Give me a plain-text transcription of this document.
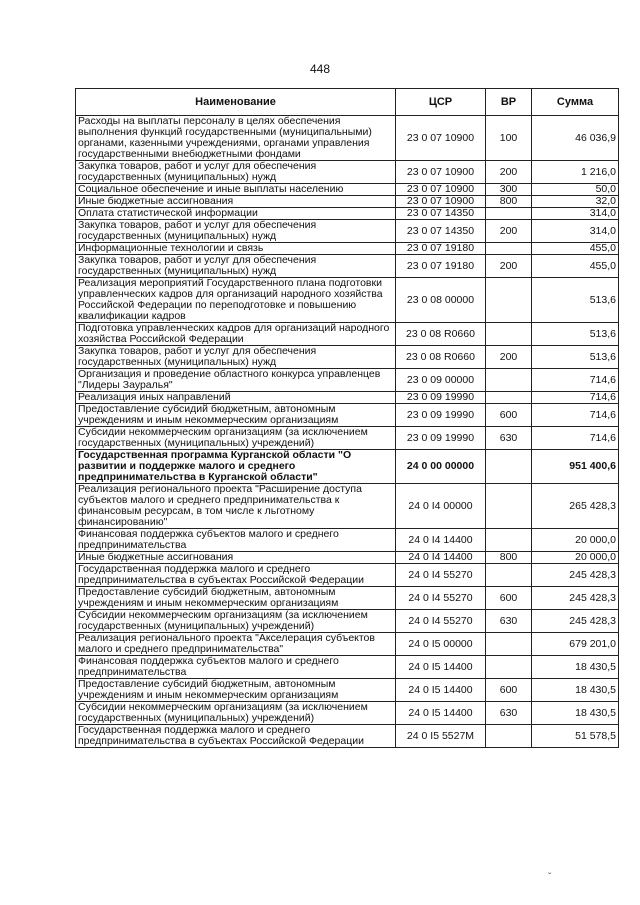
448
Наименование	ЦСР	ВР	Сумма
Расходы на выплаты персоналу в целях обеспечения выполнения функций государственными (муниципальными) органами, казенными учреждениями, органами управления государственными внебюджетными фондами	23 0 07 10900	100	46 036,9
Закупка товаров, работ и услуг для обеспечения государственных (муниципальных) нужд	23 0 07 10900	200	1 216,0
Социальное обеспечение и иные выплаты населению	23 0 07 10900	300	50,0
Иные бюджетные ассигнования	23 0 07 10900	800	32,0
Оплата статистической информации	23 0 07 14350		314,0
Закупка товаров, работ и услуг для обеспечения государственных (муниципальных) нужд	23 0 07 14350	200	314,0
Информационные технологии и связь	23 0 07 19180		455,0
Закупка товаров, работ и услуг для обеспечения государственных (муниципальных) нужд	23 0 07 19180	200	455,0
Реализация мероприятий Государственного плана подготовки управленческих кадров для организаций народного хозяйства Российской Федерации по переподготовке и повышению квалификации кадров	23 0 08 00000		513,6
Подготовка управленческих кадров для организаций народного хозяйства Российской Федерации	23 0 08 R0660		513,6
Закупка товаров, работ и услуг для обеспечения государственных (муниципальных) нужд	23 0 08 R0660	200	513,6
Организация и проведение областного конкурса управленцев "Лидеры Зауралья"	23 0 09 00000		714,6
Реализация иных направлений	23 0 09 19990		714,6
Предоставление субсидий бюджетным, автономным учреждениям и иным некоммерческим организациям	23 0 09 19990	600	714,6
Субсидии некоммерческим организациям (за исключением государственных (муниципальных) учреждений)	23 0 09 19990	630	714,6
Государственная программа Курганской области "О развитии и поддержке малого и среднего предпринимательства в Курганской области"	24 0 00 00000		951 400,6
Реализация регионального проекта "Расширение доступа субъектов малого и среднего предпринимательства к финансовым ресурсам, в том числе к льготному финансированию"	24 0 I4 00000		265 428,3
Финансовая поддержка субъектов малого и среднего предпринимательства	24 0 I4 14400		20 000,0
Иные бюджетные ассигнования	24 0 I4 14400	800	20 000,0
Государственная поддержка малого и среднего предпринимательства в субъектах Российской Федерации	24 0 I4 55270		245 428,3
Предоставление субсидий бюджетным, автономным учреждениям и иным некоммерческим организациям	24 0 I4 55270	600	245 428,3
Субсидии некоммерческим организациям (за исключением государственных (муниципальных) учреждений)	24 0 I4 55270	630	245 428,3
Реализация регионального проекта "Акселерация субъектов малого и среднего предпринимательства"	24 0 I5 00000		679 201,0
Финансовая поддержка субъектов малого и среднего предпринимательства	24 0 I5 14400		18 430,5
Предоставление субсидий бюджетным, автономным учреждениям и иным некоммерческим организациям	24 0 I5 14400	600	18 430,5
Субсидии некоммерческим организациям (за исключением государственных (муниципальных) учреждений)	24 0 I5 14400	630	18 430,5
Государственная поддержка малого и среднего предпринимательства в субъектах Российской Федерации	24 0 I5 5527M		51 578,5
ˇ
